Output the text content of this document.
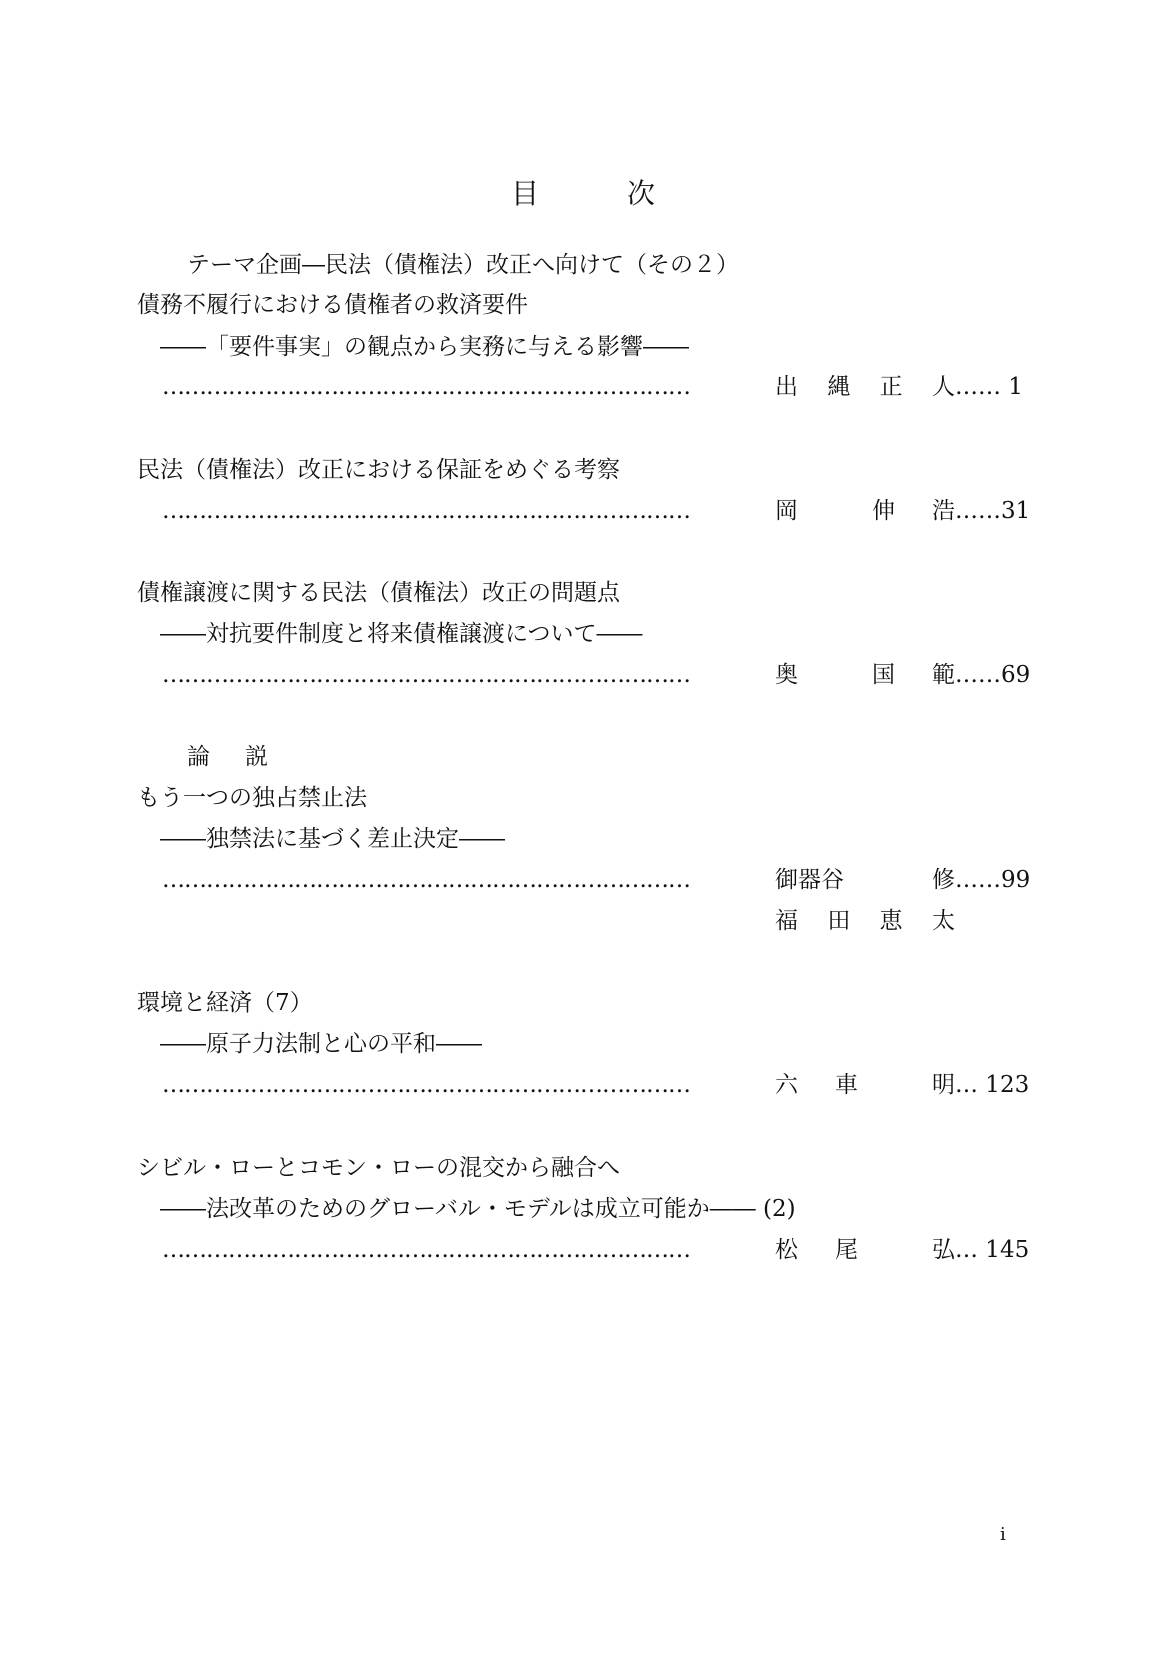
目　次
テーマ企画―民法（債権法）改正へ向けて（その２）
債務不履行における債権者の救済要件
――「要件事実」の観点から実務に与える影響――
………………………………………………………………	出 縄 正 人 …… 1
民法（債権法）改正における保証をめぐる考察
………………………………………………………………	岡	伸 浩 ……31
債権譲渡に関する民法（債権法）改正の問題点
――対抗要件制度と将来債権譲渡について――
………………………………………………………………	奥	国 範 ……69
論　説
もう一つの独占禁止法
――独禁法に基づく差止決定――
………………………………………………………………	御器谷	修 ……99
福 田 恵 太
環境と経済（7）
――原子力法制と心の平和――
………………………………………………………………	六 車	明 … 123
シビル・ローとコモン・ローの混交から融合へ
――法改革のためのグローバル・モデルは成立可能か―― (2)
………………………………………………………………	松 尾	弘 … 145
i
